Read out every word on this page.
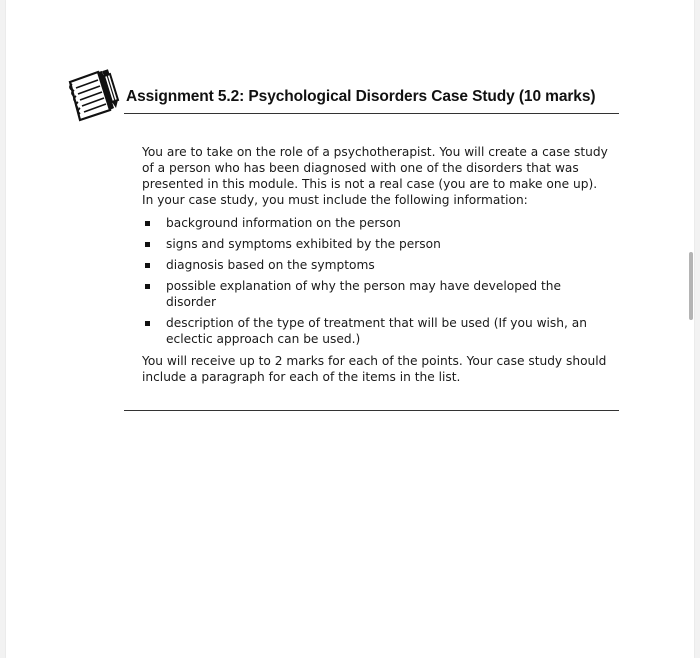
Assignment 5.2: Psychological Disorders Case Study (10 marks)

You are to take on the role of a psychotherapist. You will create a case study of a person who has been diagnosed with one of the disorders that was presented in this module. This is not a real case (you are to make one up). In your case study, you must include the following information:

background information on the person
signs and symptoms exhibited by the person
diagnosis based on the symptoms
possible explanation of why the person may have developed the disorder
description of the type of treatment that will be used (If you wish, an eclectic approach can be used.)

You will receive up to 2 marks for each of the points. Your case study should include a paragraph for each of the items in the list.
